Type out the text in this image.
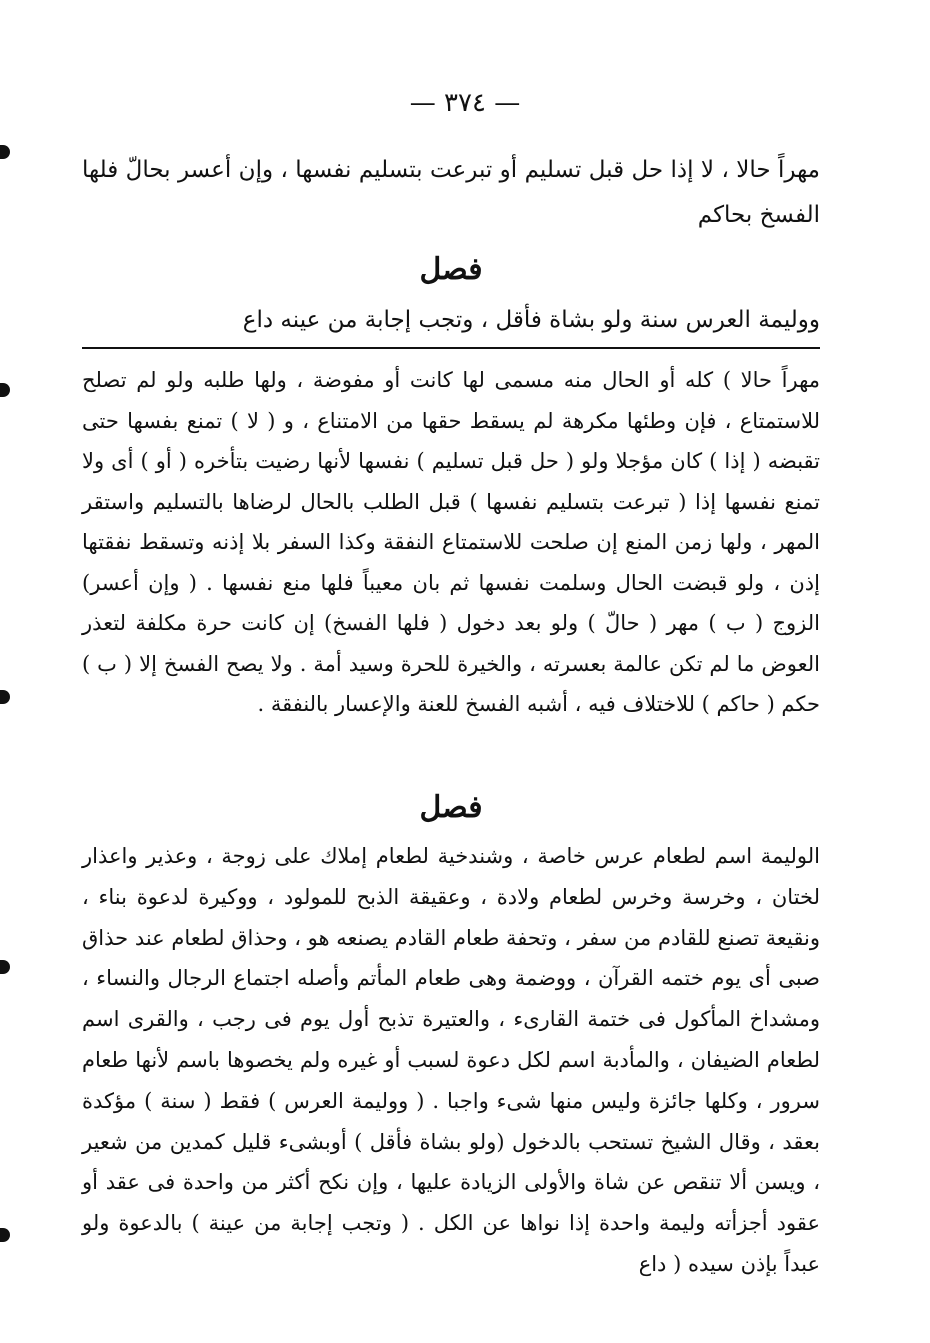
— ٣٧٤ —
مهراً حالا ، لا إذا حل قبل تسليم أو تبرعت بتسليم نفسها ، وإن أعسر بحالّ فلها الفسخ بحاكم
فصل
ووليمة العرس سنة ولو بشاة فأقل ، وتجب إجابة من عينه داع
مهراً حالا ) كله أو الحال منه مسمى لها كانت أو مفوضة ، ولها طلبه ولو لم تصلح للاستمتاع ، فإن وطئها مكرهة لم يسقط حقها من الامتناع ، و ( لا ) تمنع بفسها حتى تقبضه ( إذا ) كان مؤجلا ولو ( حل قبل تسليم ) نفسها لأنها رضيت بتأخره ( أو ) أى ولا تمنع نفسها إذا ( تبرعت بتسليم نفسها ) قبل الطلب بالحال لرضاها بالتسليم واستقر المهر ، ولها زمن المنع إن صلحت للاستمتاع النفقة وكذا السفر بلا إذنه وتسقط نفقتها إذن ، ولو قبضت الحال وسلمت نفسها ثم بان معيباً فلها منع نفسها . ( وإن أعسر) الزوج ( ب ) مهر ( حالّ ) ولو بعد دخول ( فلها الفسخ) إن كانت حرة مكلفة لتعذر العوض ما لم تكن عالمة بعسرته ، والخيرة للحرة وسيد أمة . ولا يصح الفسخ إلا ( ب ) حكم ( حاكم ) للاختلاف فيه ، أشبه الفسخ للعنة والإعسار بالنفقة .
فصل
الوليمة اسم لطعام عرس خاصة ، وشندخية لطعام إملاك على زوجة ، وعذير واعذار لختان ، وخرسة وخرس لطعام ولادة ، وعقيقة الذبح للمولود ، ووكيرة لدعوة بناء ، ونقيعة تصنع للقادم من سفر ، وتحفة طعام القادم يصنعه هو ، وحذاق لطعام عند حذاق صبى أى يوم ختمه القرآن ، ووضمة وهى طعام المأتم وأصله اجتماع الرجال والنساء ، ومشداخ المأكول فى ختمة القارىء ، والعتيرة تذبح أول يوم فى رجب ، والقرى اسم لطعام الضيفان ، والمأدبة اسم لكل دعوة لسبب أو غيره ولم يخصوها باسم لأنها طعام سرور ، وكلها جائزة وليس منها شىء واجبا . ( ووليمة العرس ) فقط ( سنة ) مؤكدة بعقد ، وقال الشيخ تستحب بالدخول (ولو بشاة فأقل ) أوبشىء قليل كمدين من شعير ، ويسن ألا تنقص عن شاة والأولى الزيادة عليها ، وإن نكح أكثر من واحدة فى عقد أو عقود أجزأته وليمة واحدة إذا نواها عن الكل . ( وتجب إجابة من عينة ) بالدعوة ولو عبداً بإذن سيده ( داع
